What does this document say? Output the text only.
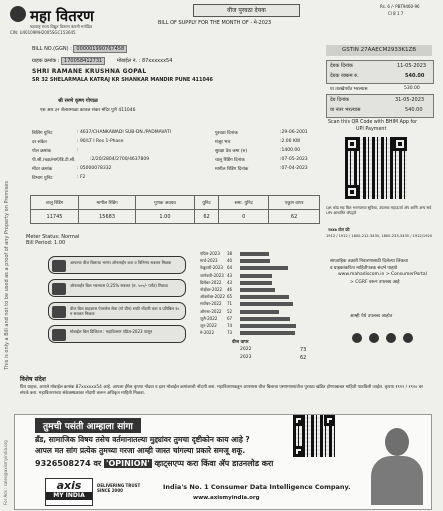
महा वितरण
महाराष्ट्र राज्य विद्युत वितरण कंपनी मर्यादित
CIN: U40109MH2005SGC153645
वीज पुरवठा देयक
Rs. 6 /- PBT9460-96
Cl 8 1 7
BILL OF SUPPLY FOR THE MONTH OF - मे-2023
BILL NO.(GGN) : 000001990767458
ग्राहक क्रमांक : 170058412731	मोबाईल नं. : 87xxxxxx54
SHRI RAMANE KRUSHNA GOPAL
SR 32 SHELARMALA KATRAJ KR SHANKAR MANDIR PUNE 411046
श्री रमणे कृष्ण गोपाळ
एस आर ३२ शेलारमाळा कात्रज शंकर मंदिर पुणे 411046
बिलिंग युनिट	: 4637/CHANKAWADI SUB-DN./PADMAVATI
दर संकेत	: 90/LT I Res 1-Phase
पोल क्रमांक	:
पी.सी./चक्र/मार्ग/डि.टी.सी.	:2/20/2804/2700/4637809
मीटर क्रमांक	: 05000078332
विभाग युनिट	: F2
पुरवठा दिनांक	:29-06-2001
मंजूर भार	:2.00 KW
सुरक्षा ठेव जमा (रु)	:1400.00
चालू रिडिंग दिनांक	:07-05-2023
मागील रिडिंग दिनांक	:07-04-2023
चालू रिडिंग	मागील रिडिंग	गुणक अवयव	युनिट	समा. युनिट	एकूण वापर
11745	15683	1.00	62	0	62
Meter Status: Normal
Bill Period: 1.00
आपल्या वीज बिलाचा भरणा ऑनलाईन करा व विनिमय सवलत मिळवा
ऑनलाईन बिल भरल्यास 0.25% सवलत (रु. ५००/- पर्यंत) मिळवा
वीज बिल ग्राहकास पेपरलेस सेवा (गो ग्रीन) साठी नोंदणी करा व प्रतिबिल १० रु सवलत मिळवा
मोबाईल बिल डिजिटल : महावितरण एप्रिल-2023 पासून
एप्रिल-2023 38
मार्च-2023 40
फेब्रुवारी-2023 64
जानेवारी-2023 43
डिसेंबर-2022 43
नोव्हेंबर-2022 46
ऑक्टोबर-2022 65
सप्टेंबर-2022 71
ऑगस्ट-2022 52
जुलै-2022 67
जून-2022	74
मे-2022	73
वीज वापर
2022	73
2023	62
GSTIN 27AAECM2933K1ZB
देयक दिनांक	11-05-2023
देयक रक्कम रु.	540.00
या तारखेपर्यंत भरल्यास	530.00
देय दिनांक	31-05-2023
या नंतर भरल्यास	540.00
Scan this QR Code with BHIM App for
UPI Payment
QR कोड सह बिल भरण्याच्या सुविधा, उपलब्ध महाऊर्जा अ‍ॅप आणि अन्य सर्व UPI आधारित अ‍ॅपद्वारे
२४x७ टोल फ्री
1912 / 1912 / 1800-212-3435, 1800-233-3435 / 1912/1920
साप्ताहिक तक्रारी निवारणासाठी दिलेल्या लिंकचा
व ग्राहकांकरिता माहितीपत्रक संदर्भ पाहावे
www.mahadiscom.in > ConsumerPortal
> CGRF वरून उपलब्ध आहे
आम्ही येथे उपलब्ध आहोत

This is only a Bill and not to be used as a proof of any Property on Premises
विशेष संदेश
प्रिय ग्राहक, आपले मोबाईल क्रमांक 87xxxxxx54 आहे. आपला ईमेल कृपया नोंदवा व इतर मोबाईल क्रमांकाची नोंदणी करा. महावितरणकडून आपणास वीज बिलाचा एसएमएस/वीज पुरवठा खंडित होण्याबाबत माहिती पाठविली जाईल. कृपया १९१२ / १९२० वर संपर्क करा. महावितरणच्या संकेतस्थळावर नोंदणी करून अधिकृत माहिती मिळवा.
तुमची पसंती आम्हाला सांगा
ब्रँड, सामाजिक विषय तसेच वर्तमानातल्या मुद्द्यांवर तुमचा दृष्टीकोन काय आहे ?
आपल मत सांग प्रत्येक तुमच्या गरजा आम्ही जास्त चांगल्या प्रकारे समजू शकू.
9326508274 वर 'OPINION' व्हाट्सएप्प करा किंवा ॲप डाउनलोड करा
axis
MY INDIA
DELIVERING TRUST
SINCE 2000	India's No. 1 Consumer Data Intelligence Company.
www.axismyindia.org
For Ads : sales@axismyindia.org
